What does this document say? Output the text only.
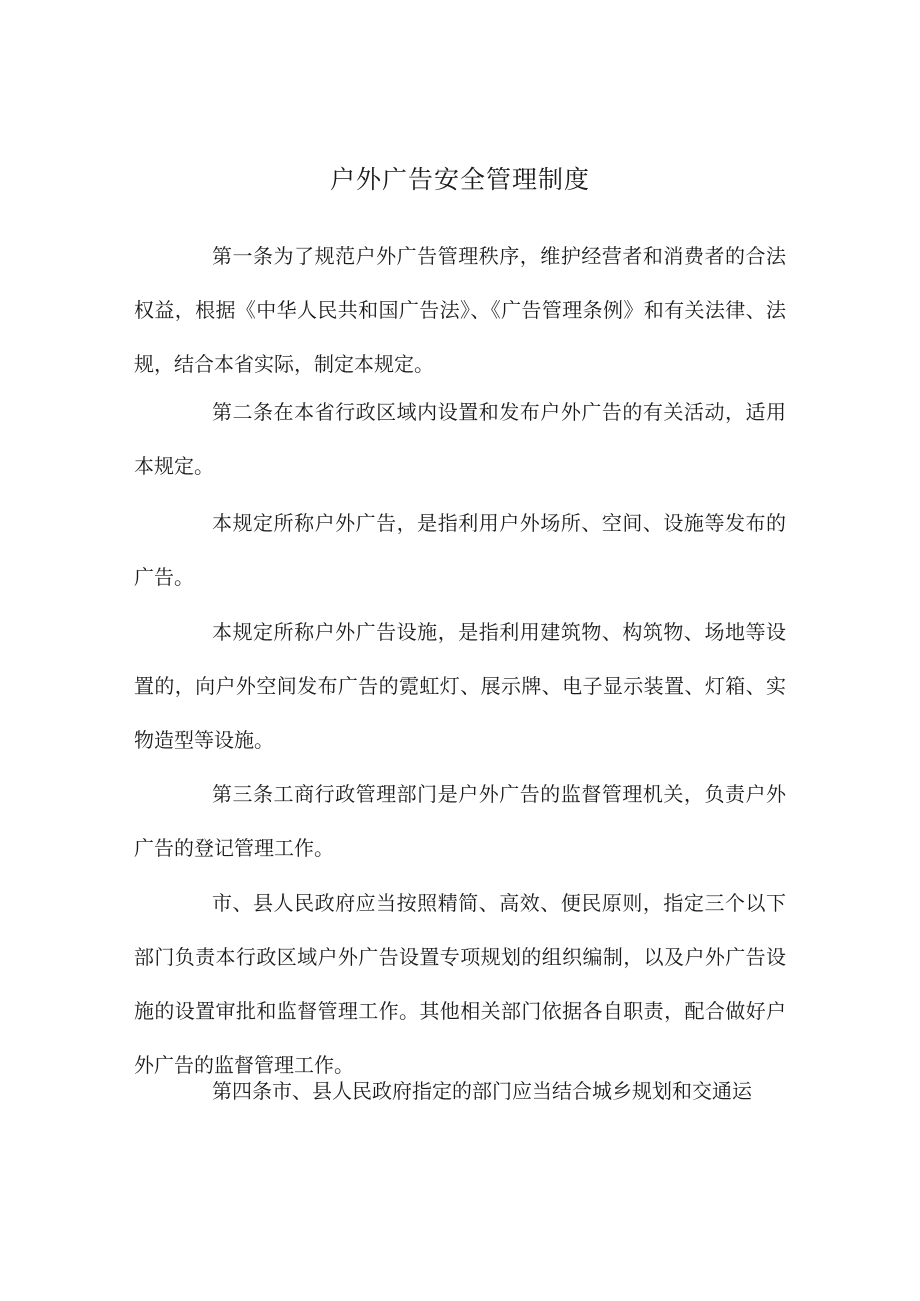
户外广告安全管理制度

第一条为了规范户外广告管理秩序，维护经营者和消费者的合法权益，根据《中华人民共和国广告法》、《广告管理条例》和有关法律、法规，结合本省实际，制定本规定。

第二条在本省行政区域内设置和发布户外广告的有关活动，适用本规定。

本规定所称户外广告，是指利用户外场所、空间、设施等发布的广告。

本规定所称户外广告设施，是指利用建筑物、构筑物、场地等设置的，向户外空间发布广告的霓虹灯、展示牌、电子显示装置、灯箱、实物造型等设施。

第三条工商行政管理部门是户外广告的监督管理机关，负责户外广告的登记管理工作。

市、县人民政府应当按照精简、高效、便民原则，指定三个以下部门负责本行政区域户外广告设置专项规划的组织编制，以及户外广告设施的设置审批和监督管理工作。其他相关部门依据各自职责，配合做好户外广告的监督管理工作。

第四条市、县人民政府指定的部门应当结合城乡规划和交通运
